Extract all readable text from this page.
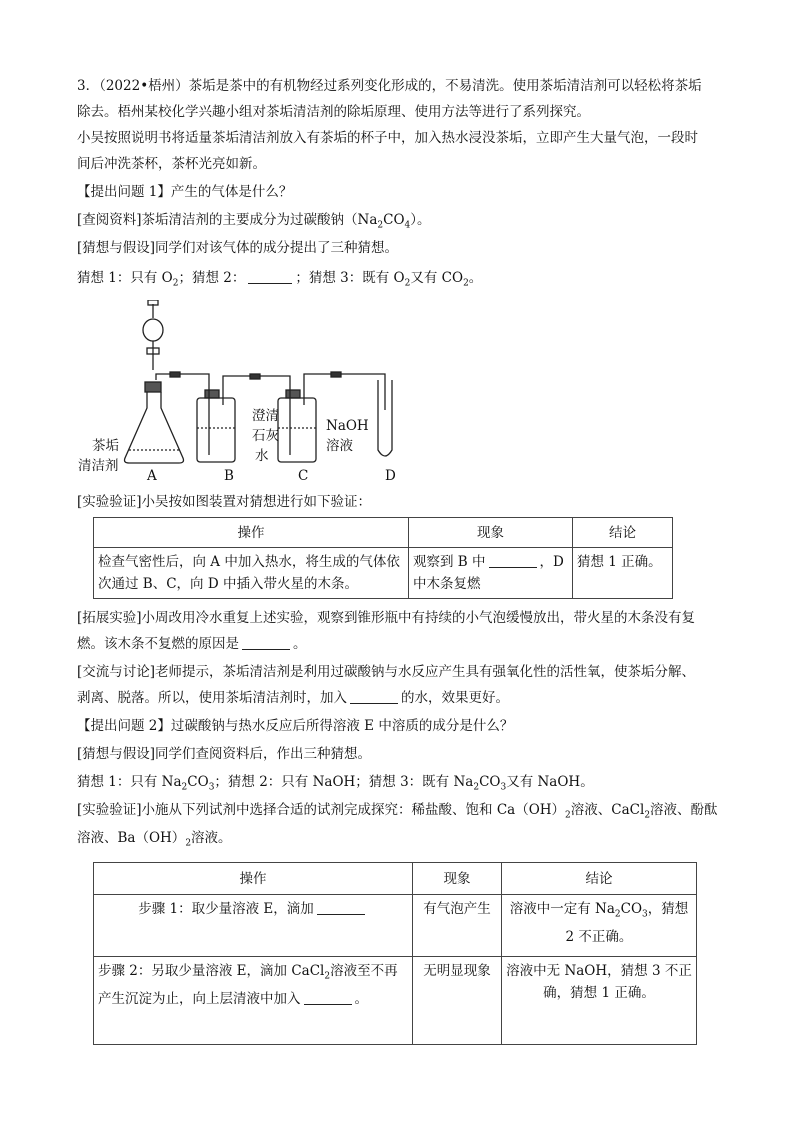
3．（2022•梧州）茶垢是茶中的有机物经过系列变化形成的，不易清洗。使用茶垢清洁剂可以轻松将茶垢
除去。梧州某校化学兴趣小组对茶垢清洁剂的除垢原理、使用方法等进行了系列探究。
小吴按照说明书将适量茶垢清洁剂放入有茶垢的杯子中，加入热水浸没茶垢，立即产生大量气泡，一段时
间后冲洗茶杯，茶杯光亮如新。
【提出问题 1】产生的气体是什么？
[查阅资料]茶垢清洁剂的主要成分为过碳酸钠$(Na_2CO_4)$。
[猜想与假设]同学们对该气体的成分提出了三种猜想。
猜想 1：只有 $O_2$；猜想 2：	；猜想 3：既有 $O_2$又有 $CO_2$。
茶垢
清洁剂
澄清
石灰
水
NaOH
溶液
A	B	C	D
[实验验证]小吴按如图装置对猜想进行如下验证：
操作	现象	结论
检查气密性后，向 A 中加入热水，将生成的气体依次通过 B、C，向 D 中插入带火星的木条。	观察到 B 中 ，D 中木条复燃	猜想 1 正确。
[拓展实验]小周改用冷水重复上述实验，观察到锥形瓶中有持续的小气泡缓慢放出，带火星的木条没有复
燃。该木条不复燃的原因是	。
[交流与讨论]老师提示，茶垢清洁剂是利用过碳酸钠与水反应产生具有强氧化性的活性氧，使茶垢分解、
剥离、脱落。所以，使用茶垢清洁剂时，加入	的水，效果更好。
【提出问题 2】过碳酸钠与热水反应后所得溶液 E 中溶质的成分是什么？
[猜想与假设]同学们查阅资料后，作出三种猜想。
猜想 1：只有 $Na_2CO_3$；猜想 2：只有 NaOH；猜想 3：既有 $Na_2CO_3$又有 NaOH。
[实验验证]小施从下列试剂中选择合适的试剂完成探究：稀盐酸、饱和 $Ca(OH)_2$溶液、CaCl$_2$溶液、酚酞
溶液、$Ba(OH)_2$溶液。
操作	现象	结论
步骤 1：取少量溶液 E，滴加	有气泡产生	溶液中一定有 $Na_2CO_3$，猜想 2 不正确。
步骤 2：另取少量溶液 E，滴加 CaCl$_2$溶液至不再产生沉淀为止，向上层清液中加入 。	无明显现象	溶液中无 NaOH，猜想 3 不正确，猜想 1 正确。
